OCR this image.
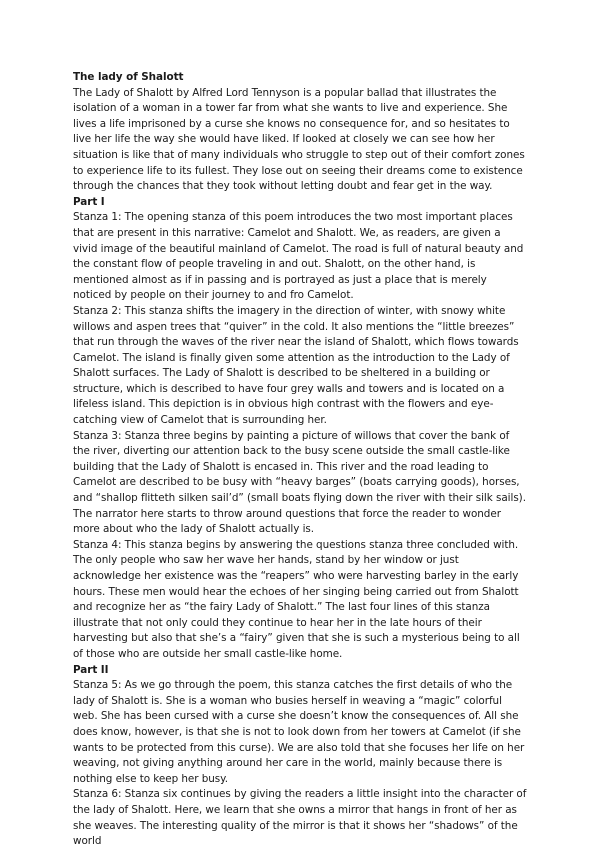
The lady of Shalott

The Lady of Shalott by Alfred Lord Tennyson is a popular ballad that illustrates the isolation of a woman in a tower far from what she wants to live and experience. She lives a life imprisoned by a curse she knows no consequence for, and so hesitates to live her life the way she would have liked. If looked at closely we can see how her situation is like that of many individuals who struggle to step out of their comfort zones to experience life to its fullest. They lose out on seeing their dreams come to existence through the chances that they took without letting doubt and fear get in the way.

Part I

Stanza 1: The opening stanza of this poem introduces the two most important places that are present in this narrative: Camelot and Shalott. We, as readers, are given a vivid image of the beautiful mainland of Camelot. The road is full of natural beauty and the constant flow of people traveling in and out. Shalott, on the other hand, is mentioned almost as if in passing and is portrayed as just a place that is merely noticed by people on their journey to and fro Camelot.

Stanza 2: This stanza shifts the imagery in the direction of winter, with snowy white willows and aspen trees that “quiver” in the cold. It also mentions the “little breezes” that run through the waves of the river near the island of Shalott, which flows towards Camelot. The island is finally given some attention as the introduction to the Lady of Shalott surfaces. The Lady of Shalott is described to be sheltered in a building or structure, which is described to have four grey walls and towers and is located on a lifeless island. This depiction is in obvious high contrast with the flowers and eye-catching view of Camelot that is surrounding her.

Stanza 3: Stanza three begins by painting a picture of willows that cover the bank of the river, diverting our attention back to the busy scene outside the small castle-like building that the Lady of Shalott is encased in. This river and the road leading to Camelot are described to be busy with “heavy barges” (boats carrying goods), horses, and “shallop flitteth silken sail’d” (small boats flying down the river with their silk sails). The narrator here starts to throw around questions that force the reader to wonder more about who the lady of Shalott actually is.

Stanza 4: This stanza begins by answering the questions stanza three concluded with. The only people who saw her wave her hands, stand by her window or just acknowledge her existence was the “reapers” who were harvesting barley in the early hours. These men would hear the echoes of her singing being carried out from Shalott and recognize her as “the fairy Lady of Shalott.” The last four lines of this stanza illustrate that not only could they continue to hear her in the late hours of their harvesting but also that she’s a “fairy” given that she is such a mysterious being to all of those who are outside her small castle-like home.

Part II

Stanza 5: As we go through the poem, this stanza catches the first details of who the lady of Shalott is. She is a woman who busies herself in weaving a “magic” colorful web. She has been cursed with a curse she doesn’t know the consequences of. All she does know, however, is that she is not to look down from her towers at Camelot (if she wants to be protected from this curse). We are also told that she focuses her life on her weaving, not giving anything around her care in the world, mainly because there is nothing else to keep her busy.

Stanza 6: Stanza six continues by giving the readers a little insight into the character of the lady of Shalott. Here, we learn that she owns a mirror that hangs in front of her as she weaves. The interesting quality of the mirror is that it shows her “shadows” of the world
